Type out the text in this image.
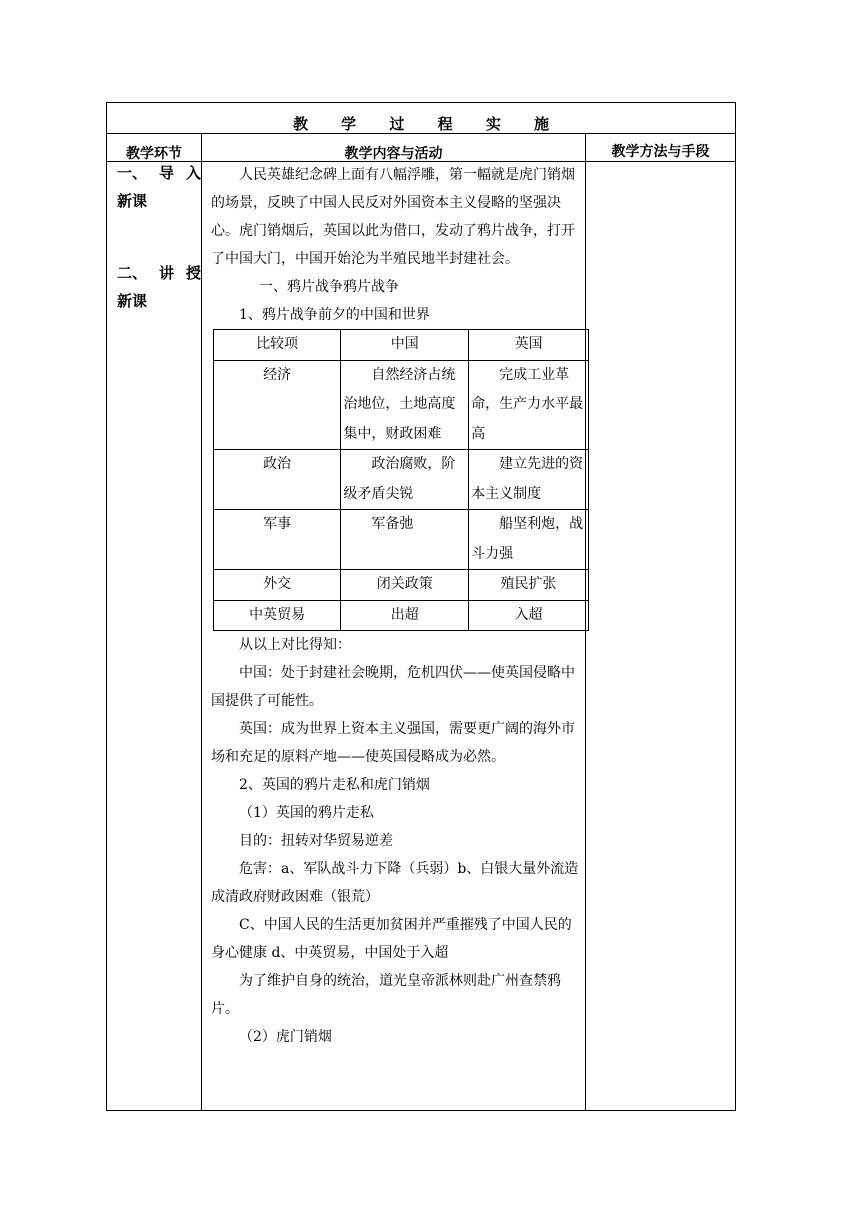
教 学 过 程 实 施
教学环节	教学内容与活动	教学方法与手段
一、 导 入
新课
二、 讲 授
新课

人民英雄纪念碑上面有八幅浮雕，第一幅就是虎门销烟的场景，反映了中国人民反对外国资本主义侵略的坚强决心。虎门销烟后，英国以此为借口，发动了鸦片战争，打开了中国大门，中国开始沦为半殖民地半封建社会。

一、鸦片战争鸦片战争

1、鸦片战争前夕的中国和世界

比较项	中国	英国
经济	自然经济占统治地位，土地高度集中，财政困难	完成工业革命，生产力水平最高
政治	政治腐败，阶级矛盾尖锐	建立先进的资本主义制度
军事	军备弛	船坚利炮，战斗力强
外交	闭关政策	殖民扩张
中英贸易	出超	入超

从以上对比得知：

中国：处于封建社会晚期，危机四伏——使英国侵略中国提供了可能性。

英国：成为世界上资本主义强国，需要更广阔的海外市场和充足的原料产地——使英国侵略成为必然。

2、英国的鸦片走私和虎门销烟

（1）英国的鸦片走私

目的：扭转对华贸易逆差

危害：a、军队战斗力下降（兵弱）b、白银大量外流造成清政府财政困难（银荒）

C、中国人民的生活更加贫困并严重摧残了中国人民的身心健康 d、中英贸易，中国处于入超

为了维护自身的统治，道光皇帝派林则赴广州查禁鸦片。

（2）虎门销烟
